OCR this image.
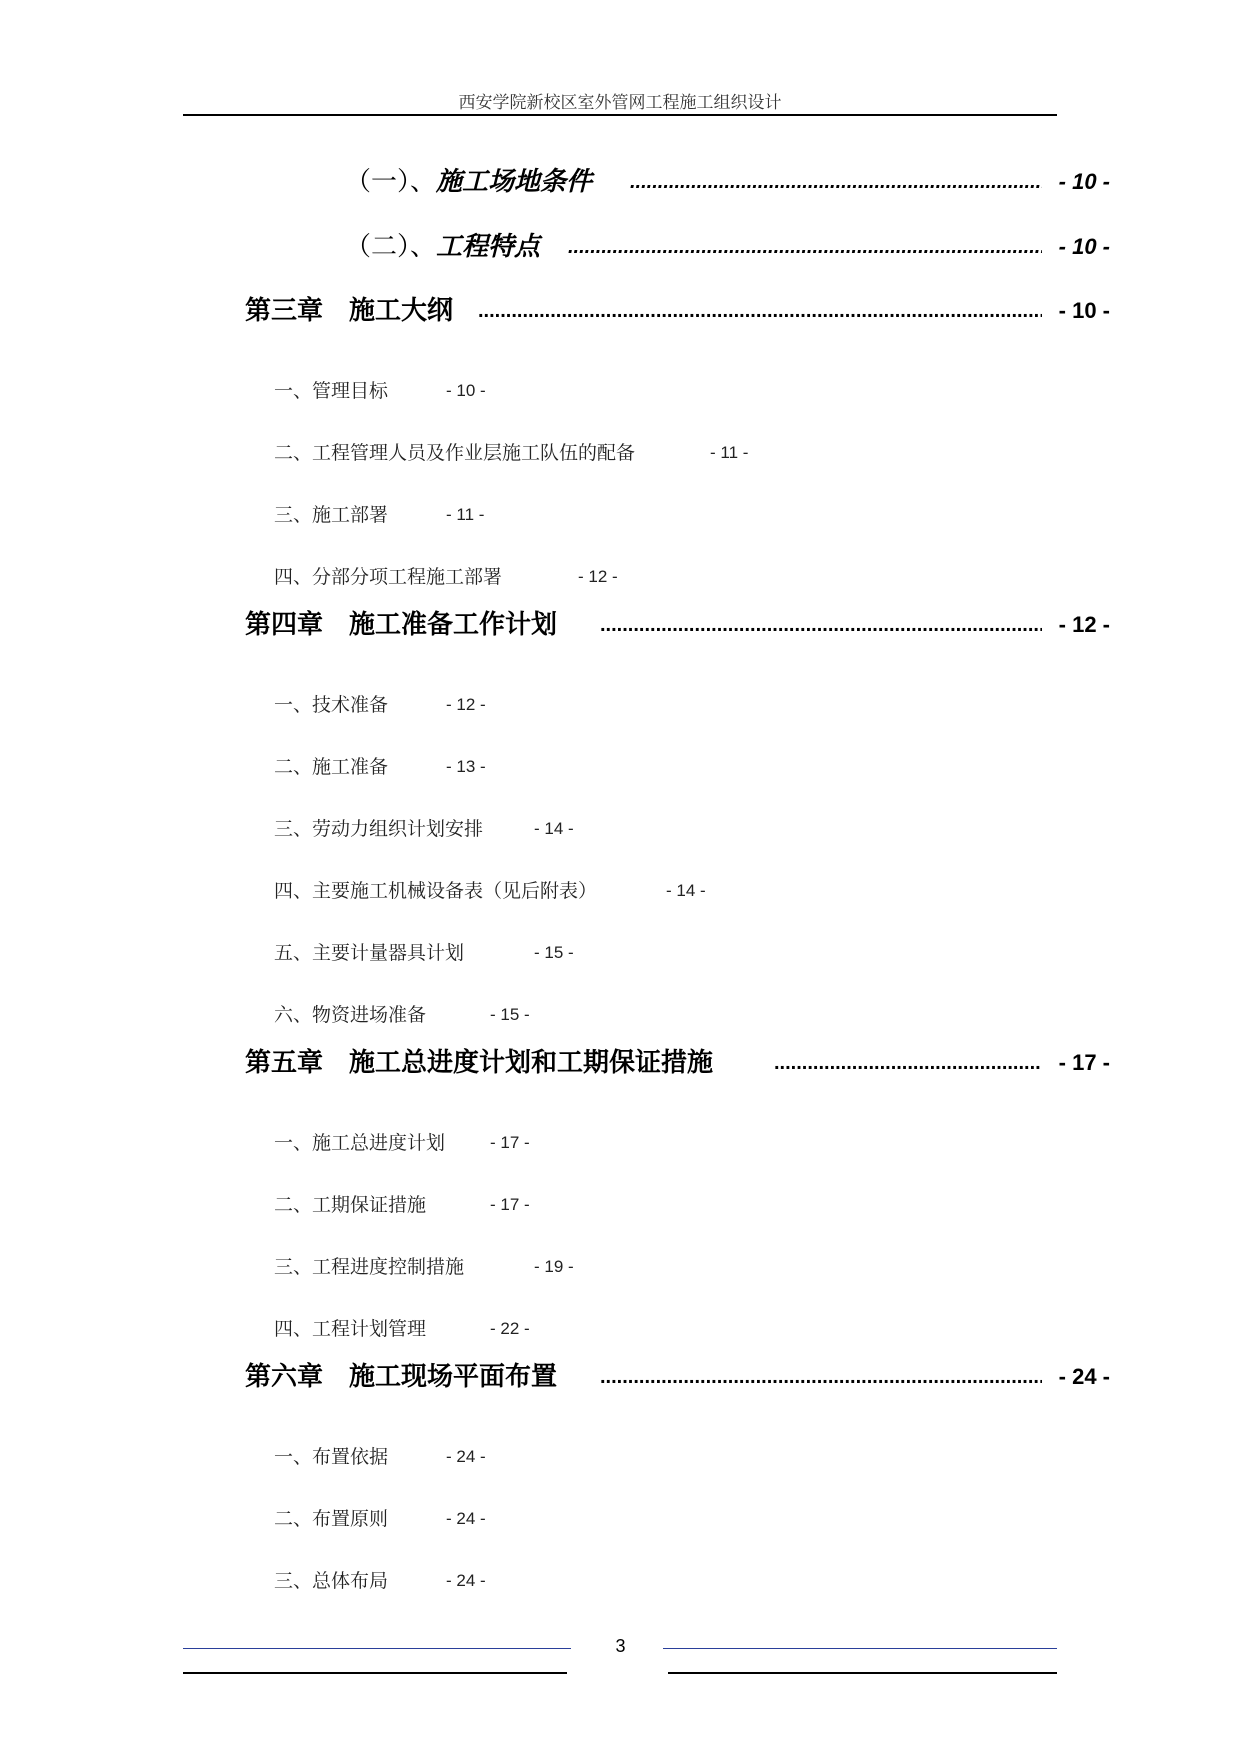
西安学院新校区室外管网工程施工组织设计
（一）、施工场地条件 .....	- 10 -
（二）、工程特点 .....	- 10 -
第三章　施工大纲 .....	- 10 -
一、管理目标	- 10 -
二、工程管理人员及作业层施工队伍的配备	- 11 -
三、施工部署	- 11 -
四、分部分项工程施工部署	- 12 -
第四章　施工准备工作计划 .....	- 12 -
一、技术准备	- 12 -
二、施工准备	- 13 -
三、劳动力组织计划安排	- 14 -
四、主要施工机械设备表（见后附表）	- 14 -
五、主要计量器具计划	- 15 -
六、物资进场准备	- 15 -
第五章　施工总进度计划和工期保证措施 .....	- 17 -
一、施工总进度计划	- 17 -
二、工期保证措施	- 17 -
三、工程进度控制措施	- 19 -
四、工程计划管理	- 22 -
第六章　施工现场平面布置 .....	- 24 -
一、布置依据	- 24 -
二、布置原则	- 24 -
三、总体布局	- 24 -
3
